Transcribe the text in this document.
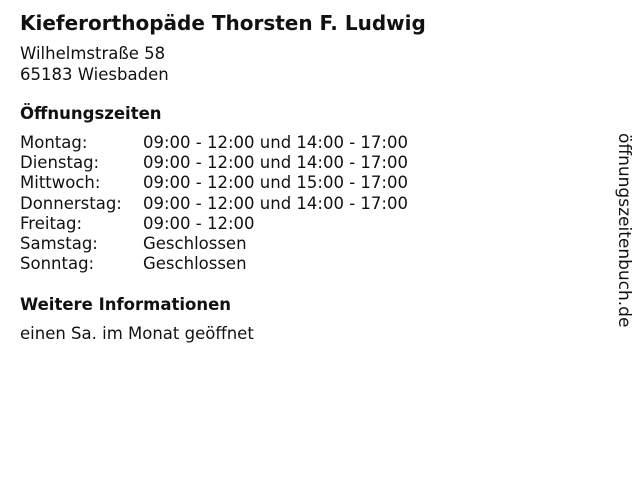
Kieferorthopäde Thorsten F. Ludwig
Wilhelmstraße 58
65183 Wiesbaden
Öffnungszeiten
Montag:	09:00 - 12:00 und 14:00 - 17:00
Dienstag:	09:00 - 12:00 und 14:00 - 17:00
Mittwoch:	09:00 - 12:00 und 15:00 - 17:00
Donnerstag:	09:00 - 12:00 und 14:00 - 17:00
Freitag:	09:00 - 12:00
Samstag:	Geschlossen
Sonntag:	Geschlossen
Weitere Informationen
einen Sa. im Monat geöffnet
öffnungszeitenbuch.de
